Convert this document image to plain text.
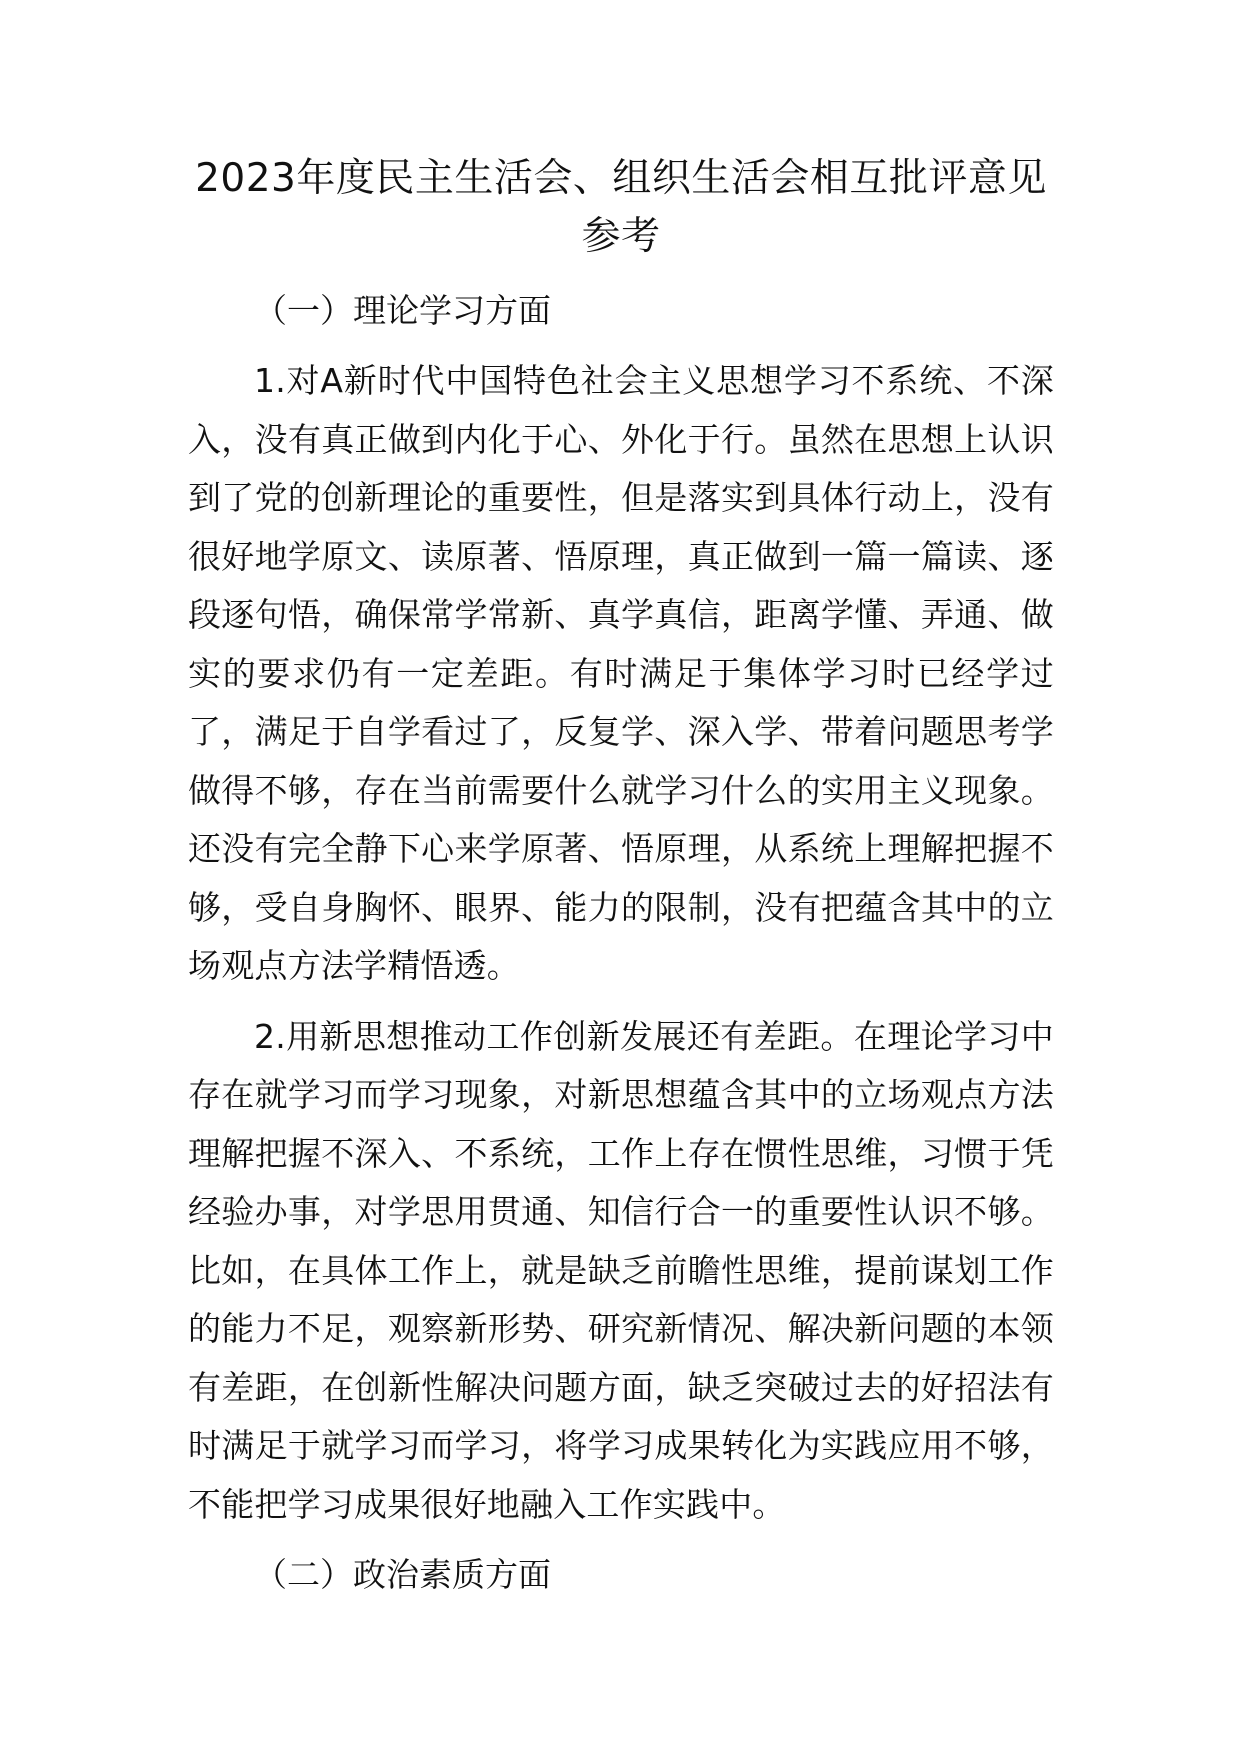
2023年度民主生活会、组织生活会相互批评意见参考
（一）理论学习方面

1.对A新时代中国特色社会主义思想学习不系统、不深入，没有真正做到内化于心、外化于行。虽然在思想上认识到了党的创新理论的重要性，但是落实到具体行动上，没有很好地学原文、读原著、悟原理，真正做到一篇一篇读、逐段逐句悟，确保常学常新、真学真信，距离学懂、弄通、做实的要求仍有一定差距。有时满足于集体学习时已经学过了，满足于自学看过了，反复学、深入学、带着问题思考学做得不够，存在当前需要什么就学习什么的实用主义现象。还没有完全静下心来学原著、悟原理，从系统上理解把握不够，受自身胸怀、眼界、能力的限制，没有把蕴含其中的立场观点方法学精悟透。

2.用新思想推动工作创新发展还有差距。在理论学习中存在就学习而学习现象，对新思想蕴含其中的立场观点方法理解把握不深入、不系统，工作上存在惯性思维，习惯于凭经验办事，对学思用贯通、知信行合一的重要性认识不够。比如，在具体工作上，就是缺乏前瞻性思维，提前谋划工作的能力不足，观察新形势、研究新情况、解决新问题的本领有差距，在创新性解决问题方面，缺乏突破过去的好招法有时满足于就学习而学习，将学习成果转化为实践应用不够，不能把学习成果很好地融入工作实践中。

（二）政治素质方面
